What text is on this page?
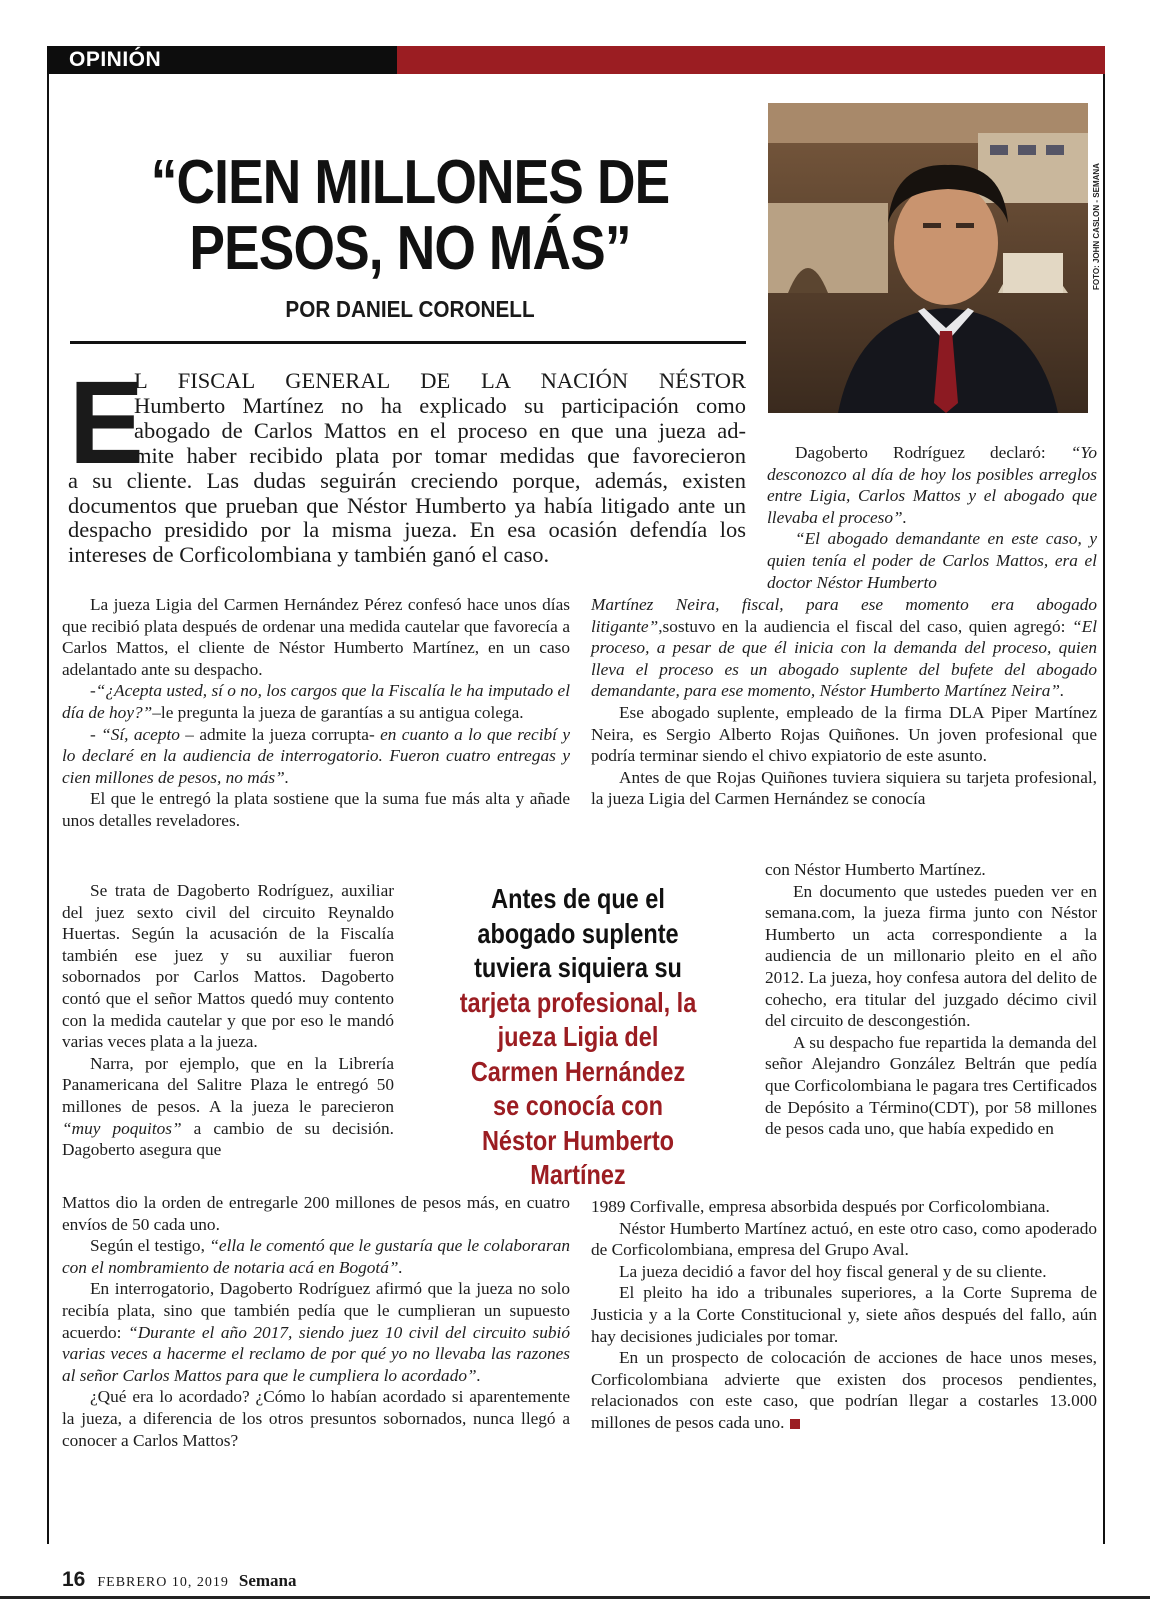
OPINIÓN
“CIEN MILLONES DE
PESOS, NO MÁS”
POR DANIEL CORONELL
FOTO: JOHN CASLON - SEMANA
E
L FISCAL GENERAL DE LA NACIÓN NÉSTOR
Humberto Martínez no ha explicado su participación como
abogado de Carlos Mattos en el proceso en que una jueza ad-
mite haber recibido plata por tomar medidas que favorecieron
a su cliente. Las dudas seguirán creciendo porque, además, existen documentos que prueban que Néstor Humberto ya había litigado ante un despacho presidido por la misma jueza. En esa ocasión defendía los intereses de Corficolombiana y también ganó el caso.

La jueza Ligia del Carmen Hernández Pérez confesó hace unos días que recibió plata después de ordenar una medida cautelar que favorecía a Carlos Mattos, el cliente de Néstor Humberto Martínez, en un caso adelantado ante su despacho.

-“¿Acepta usted, sí o no, los cargos que la Fiscalía le ha imputado el día de hoy?”–le pregunta la jueza de garantías a su antigua colega.

- “Sí, acepto – admite la jueza corrupta- en cuanto a lo que recibí y lo declaré en la audiencia de interrogatorio. Fueron cuatro entregas y cien millones de pesos, no más”.

El que le entregó la plata sostiene que la suma fue más alta y añade unos detalles reveladores.

Se trata de Dagoberto Rodríguez, auxiliar del juez sexto civil del circuito Reynaldo Huertas. Según la acusación de la Fiscalía también ese juez y su auxiliar fueron sobornados por Carlos Mattos. Dagoberto contó que el señor Mattos quedó muy contento con la medida cautelar y que por eso le mandó varias veces plata a la jueza.

Narra, por ejemplo, que en la Librería Panamericana del Salitre Plaza le entregó 50 millones de pesos. A la jueza le parecieron “muy poquitos” a cambio de su decisión. Dagoberto asegura que

Mattos dio la orden de entregarle 200 millones de pesos más, en cuatro envíos de 50 cada uno.

Según el testigo, “ella le comentó que le gustaría que le colaboraran con el nombramiento de notaria acá en Bogotá”.

En interrogatorio, Dagoberto Rodríguez afirmó que la jueza no solo recibía plata, sino que también pedía que le cumplieran un supuesto acuerdo: “Durante el año 2017, siendo juez 10 civil del circuito subió varias veces a hacerme el reclamo de por qué yo no llevaba las razones al señor Carlos Mattos para que le cumpliera lo acordado”.

¿Qué era lo acordado? ¿Cómo lo habían acordado si aparentemente la jueza, a diferencia de los otros presuntos sobornados, nunca llegó a conocer a Carlos Mattos?

Antes de que el abogado suplente tuviera siquiera su tarjeta profesional, la jueza Ligia del Carmen Hernández se conocía con Néstor Humberto Martínez

Dagoberto Rodríguez declaró: “Yo desconozco al día de hoy los posibles arreglos entre Ligia, Carlos Mattos y el abogado que llevaba el proceso”.

“El abogado demandante en este caso, y quien tenía el poder de Carlos Mattos, era el doctor Néstor Humberto

Martínez Neira, fiscal, para ese momento era abogado litigante”,sostuvo en la audiencia el fiscal del caso, quien agregó: “El proceso, a pesar de que él inicia con la demanda del proceso, quien lleva el proceso es un abogado suplente del bufete del abogado demandante, para ese momento, Néstor Humberto Martínez Neira”.

Ese abogado suplente, empleado de la firma DLA Piper Martínez Neira, es Sergio Alberto Rojas Quiñones. Un joven profesional que podría terminar siendo el chivo expiatorio de este asunto.

Antes de que Rojas Quiñones tuviera siquiera su tarjeta profesional, la jueza Ligia del Carmen Hernández se conocía

con Néstor Humberto Martínez.

En documento que ustedes pueden ver en semana.com, la jueza firma junto con Néstor Humberto un acta correspondiente a la audiencia de un millonario pleito en el año 2012. La jueza, hoy confesa autora del delito de cohecho, era titular del juzgado décimo civil del circuito de descongestión.

A su despacho fue repartida la demanda del señor Alejandro González Beltrán que pedía que Corficolombiana le pagara tres Certificados de Depósito a Término(CDT), por 58 millones de pesos cada uno, que había expedido en

1989 Corfivalle, empresa absorbida después por Corficolombiana.

Néstor Humberto Martínez actuó, en este otro caso, como apoderado de Corficolombiana, empresa del Grupo Aval.

La jueza decidió a favor del hoy fiscal general y de su cliente.

El pleito ha ido a tribunales superiores, a la Corte Suprema de Justicia y a la Corte Constitucional y, siete años después del fallo, aún hay decisiones judiciales por tomar.

En un prospecto de colocación de acciones de hace unos meses, Corficolombiana advierte que existen dos procesos pendientes, relacionados con este caso, que podrían llegar a costarles 13.000 millones de pesos cada uno.

16 FEBRERO 10, 2019 Semana
